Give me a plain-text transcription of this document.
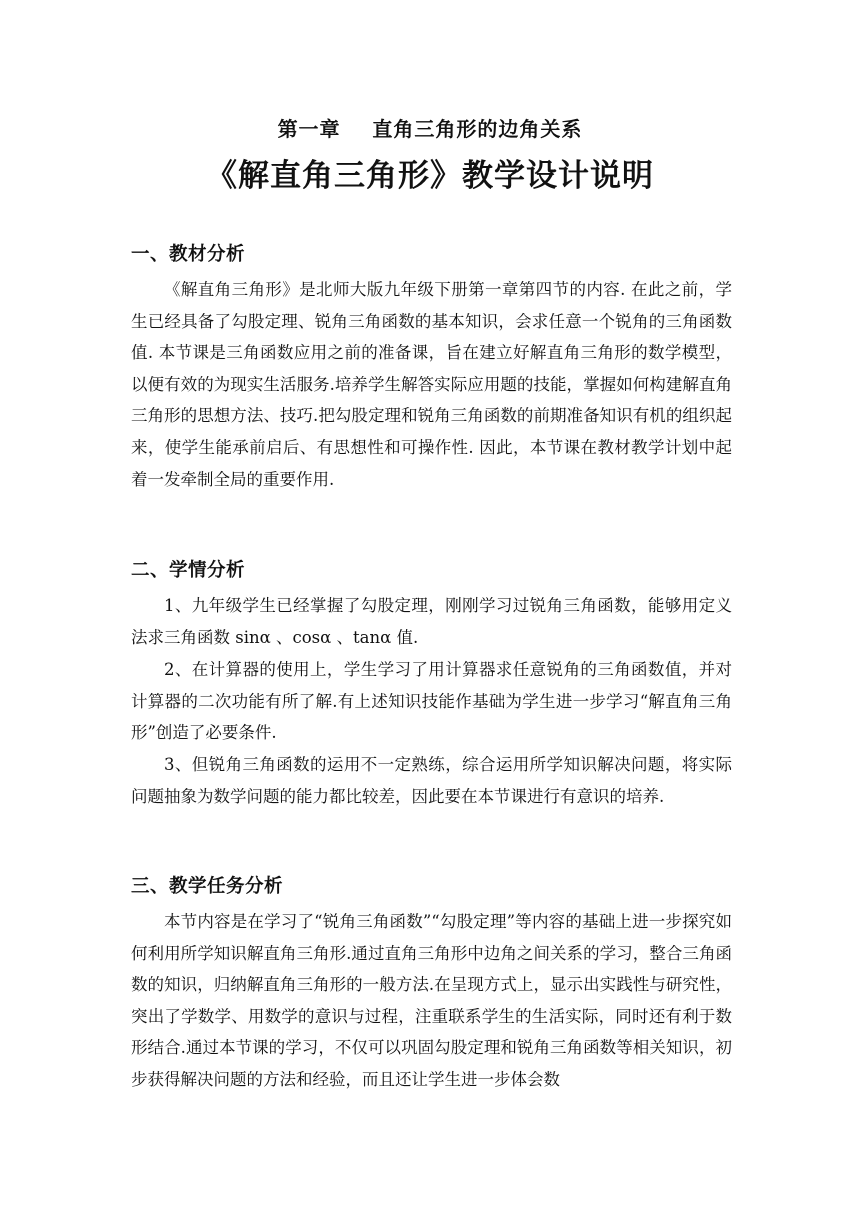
第一章    直角三角形的边角关系
《解直角三角形》教学设计说明
一、教材分析

《解直角三角形》是北师大版九年级下册第一章第四节的内容. 在此之前，学生已经具备了勾股定理、锐角三角函数的基本知识，会求任意一个锐角的三角函数值. 本节课是三角函数应用之前的准备课，旨在建立好解直角三角形的数学模型，以便有效的为现实生活服务.培养学生解答实际应用题的技能，掌握如何构建解直角三角形的思想方法、技巧.把勾股定理和锐角三角函数的前期准备知识有机的组织起来，使学生能承前启后、有思想性和可操作性. 因此，本节课在教材教学计划中起着一发牵制全局的重要作用.

二、学情分析

1、九年级学生已经掌握了勾股定理，刚刚学习过锐角三角函数，能够用定义法求三角函数 sinα 、cosα 、tanα 值.

2、在计算器的使用上，学生学习了用计算器求任意锐角的三角函数值，并对计算器的二次功能有所了解.有上述知识技能作基础为学生进一步学习“解直角三角形”创造了必要条件.

3、但锐角三角函数的运用不一定熟练，综合运用所学知识解决问题，将实际问题抽象为数学问题的能力都比较差，因此要在本节课进行有意识的培养.

三、教学任务分析

本节内容是在学习了“锐角三角函数”“勾股定理”等内容的基础上进一步探究如何利用所学知识解直角三角形.通过直角三角形中边角之间关系的学习，整合三角函数的知识，归纳解直角三角形的一般方法.在呈现方式上，显示出实践性与研究性，突出了学数学、用数学的意识与过程，注重联系学生的生活实际，同时还有利于数形结合.通过本节课的学习，不仅可以巩固勾股定理和锐角三角函数等相关知识，初步获得解决问题的方法和经验，而且还让学生进一步体会数
